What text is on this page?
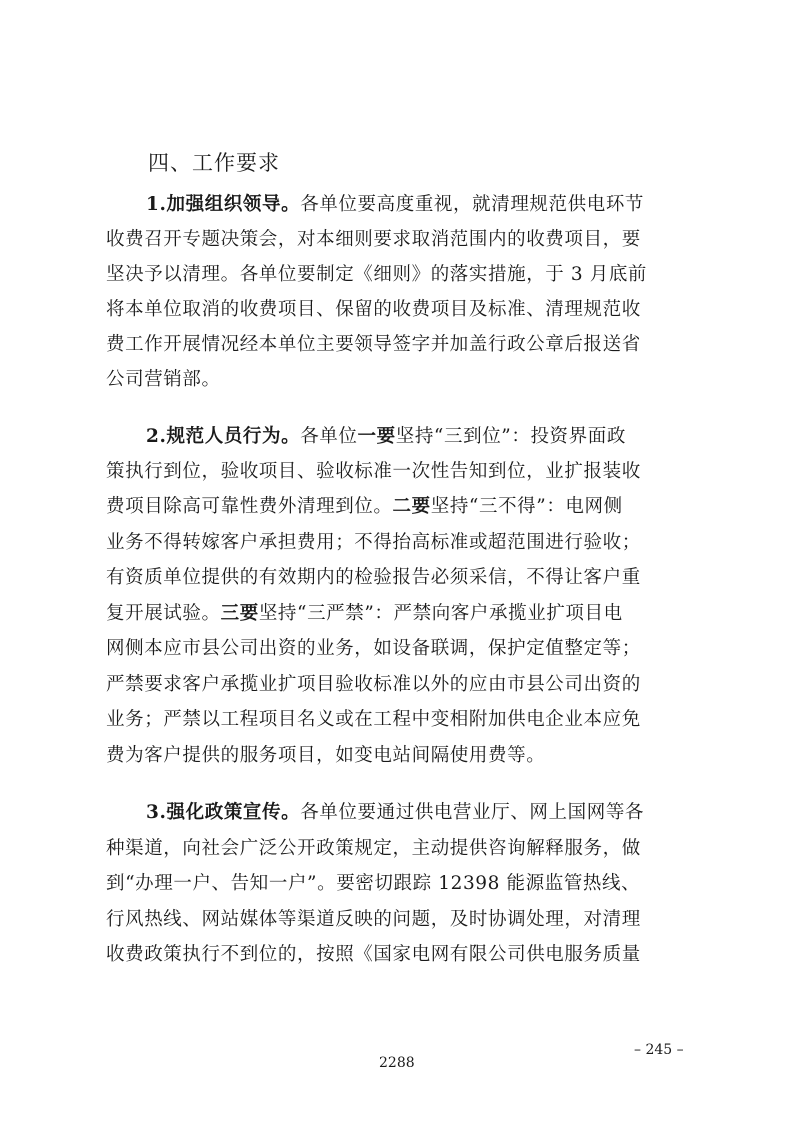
四、工作要求
1.加强组织领导。各单位要高度重视，就清理规范供电环节
收费召开专题决策会，对本细则要求取消范围内的收费项目，要
坚决予以清理。各单位要制定《细则》的落实措施，于 3 月底前
将本单位取消的收费项目、保留的收费项目及标准、清理规范收
费工作开展情况经本单位主要领导签字并加盖行政公章后报送省
公司营销部。
2.规范人员行为。各单位一要坚持“三到位”：投资界面政
策执行到位，验收项目、验收标准一次性告知到位，业扩报装收
费项目除高可靠性费外清理到位。二要坚持“三不得”：电网侧
业务不得转嫁客户承担费用；不得抬高标准或超范围进行验收；
有资质单位提供的有效期内的检验报告必须采信，不得让客户重
复开展试验。三要坚持“三严禁”：严禁向客户承揽业扩项目电
网侧本应市县公司出资的业务，如设备联调，保护定值整定等；
严禁要求客户承揽业扩项目验收标准以外的应由市县公司出资的
业务；严禁以工程项目名义或在工程中变相附加供电企业本应免
费为客户提供的服务项目，如变电站间隔使用费等。
3.强化政策宣传。各单位要通过供电营业厅、网上国网等各
种渠道，向社会广泛公开政策规定，主动提供咨询解释服务，做
到“办理一户、告知一户”。要密切跟踪 12398 能源监管热线、
行风热线、网站媒体等渠道反映的问题，及时协调处理，对清理
收费政策执行不到位的，按照《国家电网有限公司供电服务质量
– 245 –
2288
